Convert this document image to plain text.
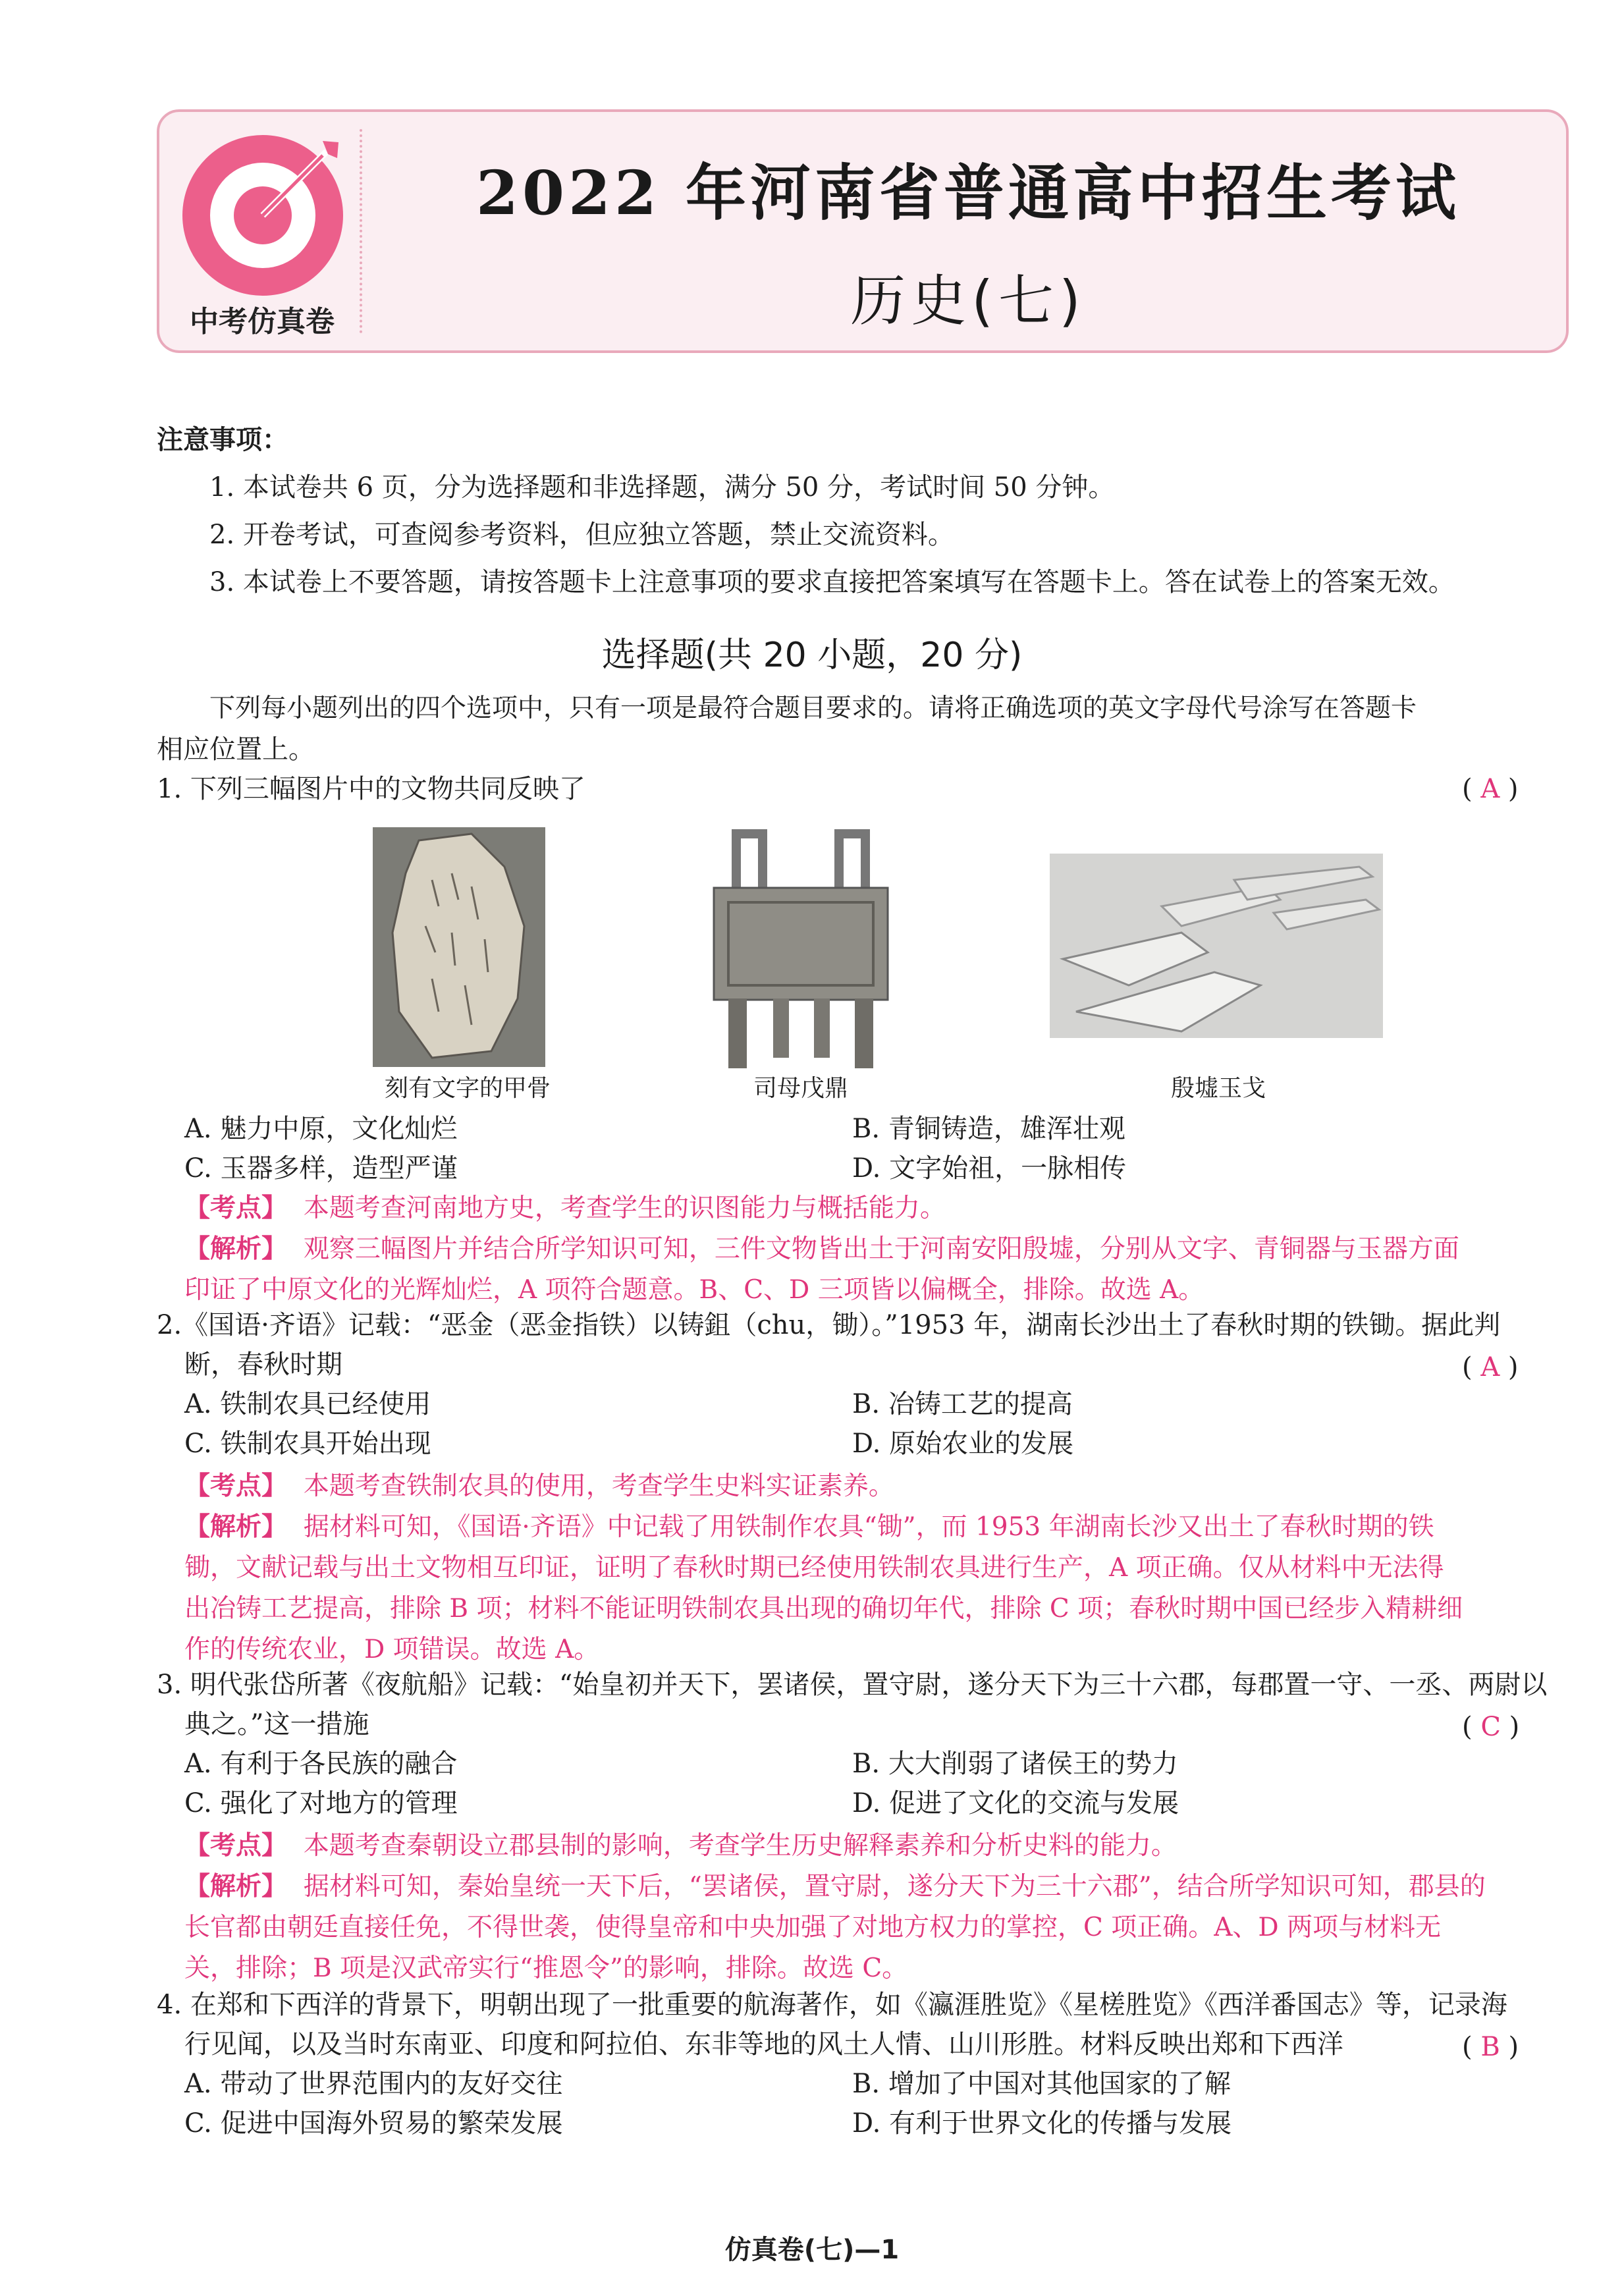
中考仿真卷
2022 年河南省普通高中招生考试
历史(七)
注意事项：
1. 本试卷共 6 页，分为选择题和非选择题，满分 50 分，考试时间 50 分钟。
2. 开卷考试，可查阅参考资料，但应独立答题，禁止交流资料。
3. 本试卷上不要答题，请按答题卡上注意事项的要求直接把答案填写在答题卡上。答在试卷上的答案无效。
选择题(共 20 小题，20 分)
下列每小题列出的四个选项中，只有一项是最符合题目要求的。请将正确选项的英文字母代号涂写在答题卡
相应位置上。
1. 下列三幅图片中的文物共同反映了	( A )
刻有文字的甲骨	司母戊鼎	殷墟玉戈
A. 魅力中原，文化灿烂	B. 青铜铸造，雄浑壮观
C. 玉器多样，造型严谨	D. 文字始祖，一脉相传
【考点】 本题考查河南地方史，考查学生的识图能力与概括能力。
【解析】 观察三幅图片并结合所学知识可知，三件文物皆出土于河南安阳殷墟，分别从文字、青铜器与玉器方面
印证了中原文化的光辉灿烂，A 项符合题意。B、C、D 三项皆以偏概全，排除。故选 A。
2.《国语·齐语》记载：“恶金（恶金指铁）以铸鉏（chu，锄）。”1953 年，湖南长沙出土了春秋时期的铁锄。据此判
断，春秋时期	( A )
A. 铁制农具已经使用	B. 冶铸工艺的提高
C. 铁制农具开始出现	D. 原始农业的发展
【考点】 本题考查铁制农具的使用，考查学生史料实证素养。
【解析】 据材料可知，《国语·齐语》中记载了用铁制作农具“锄”，而 1953 年湖南长沙又出土了春秋时期的铁
锄，文献记载与出土文物相互印证，证明了春秋时期已经使用铁制农具进行生产，A 项正确。仅从材料中无法得
出冶铸工艺提高，排除 B 项；材料不能证明铁制农具出现的确切年代，排除 C 项；春秋时期中国已经步入精耕细
作的传统农业，D 项错误。故选 A。
3. 明代张岱所著《夜航船》记载：“始皇初并天下，罢诸侯，置守尉，遂分天下为三十六郡，每郡置一守、一丞、两尉以
典之。”这一措施	( C )
A. 有利于各民族的融合	B. 大大削弱了诸侯王的势力
C. 强化了对地方的管理	D. 促进了文化的交流与发展
【考点】 本题考查秦朝设立郡县制的影响，考查学生历史解释素养和分析史料的能力。
【解析】 据材料可知，秦始皇统一天下后，“罢诸侯，置守尉，遂分天下为三十六郡”，结合所学知识可知，郡县的
长官都由朝廷直接任免，不得世袭，使得皇帝和中央加强了对地方权力的掌控，C 项正确。A、D 两项与材料无
关，排除；B 项是汉武帝实行“推恩令”的影响，排除。故选 C。
4. 在郑和下西洋的背景下，明朝出现了一批重要的航海著作，如《瀛涯胜览》《星槎胜览》《西洋番国志》等，记录海
行见闻，以及当时东南亚、印度和阿拉伯、东非等地的风土人情、山川形胜。材料反映出郑和下西洋	( B )
A. 带动了世界范围内的友好交往	B. 增加了中国对其他国家的了解
C. 促进中国海外贸易的繁荣发展	D. 有利于世界文化的传播与发展
仿真卷(七)—1
